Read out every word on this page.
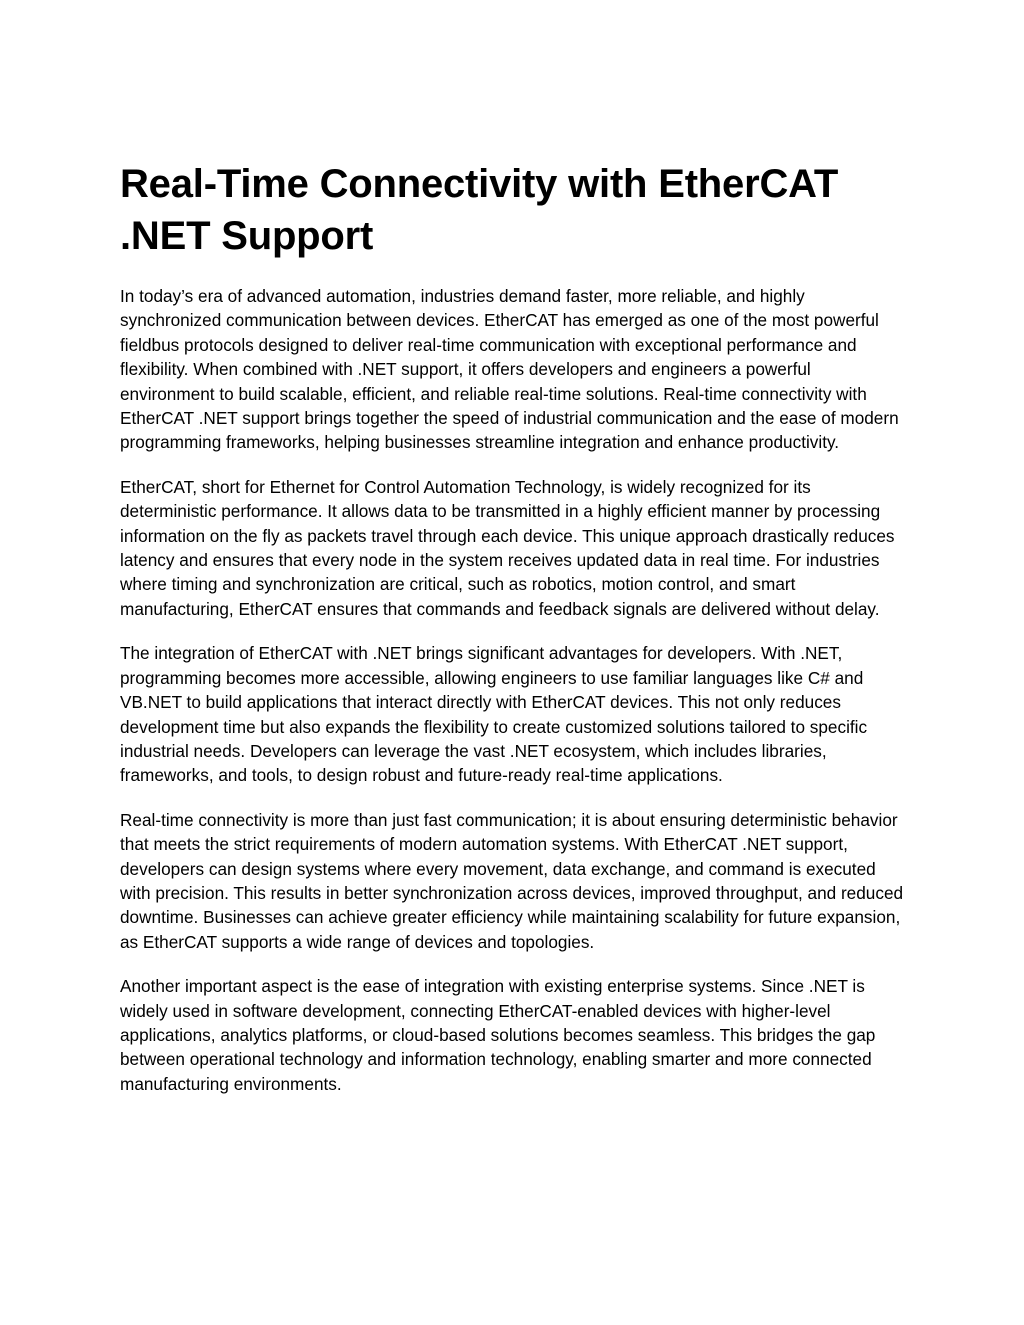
Real-Time Connectivity with EtherCAT .NET Support

In today’s era of advanced automation, industries demand faster, more reliable, and highly synchronized communication between devices. EtherCAT has emerged as one of the most powerful fieldbus protocols designed to deliver real-time communication with exceptional performance and flexibility. When combined with .NET support, it offers developers and engineers a powerful environment to build scalable, efficient, and reliable real-time solutions. Real-time connectivity with EtherCAT .NET support brings together the speed of industrial communication and the ease of modern programming frameworks, helping businesses streamline integration and enhance productivity.

EtherCAT, short for Ethernet for Control Automation Technology, is widely recognized for its deterministic performance. It allows data to be transmitted in a highly efficient manner by processing information on the fly as packets travel through each device. This unique approach drastically reduces latency and ensures that every node in the system receives updated data in real time. For industries where timing and synchronization are critical, such as robotics, motion control, and smart manufacturing, EtherCAT ensures that commands and feedback signals are delivered without delay.

The integration of EtherCAT with .NET brings significant advantages for developers. With .NET, programming becomes more accessible, allowing engineers to use familiar languages like C# and VB.NET to build applications that interact directly with EtherCAT devices. This not only reduces development time but also expands the flexibility to create customized solutions tailored to specific industrial needs. Developers can leverage the vast .NET ecosystem, which includes libraries, frameworks, and tools, to design robust and future-ready real-time applications.

Real-time connectivity is more than just fast communication; it is about ensuring deterministic behavior that meets the strict requirements of modern automation systems. With EtherCAT .NET support, developers can design systems where every movement, data exchange, and command is executed with precision. This results in better synchronization across devices, improved throughput, and reduced downtime. Businesses can achieve greater efficiency while maintaining scalability for future expansion, as EtherCAT supports a wide range of devices and topologies.

Another important aspect is the ease of integration with existing enterprise systems. Since .NET is widely used in software development, connecting EtherCAT-enabled devices with higher-level applications, analytics platforms, or cloud-based solutions becomes seamless. This bridges the gap between operational technology and information technology, enabling smarter and more connected manufacturing environments.
